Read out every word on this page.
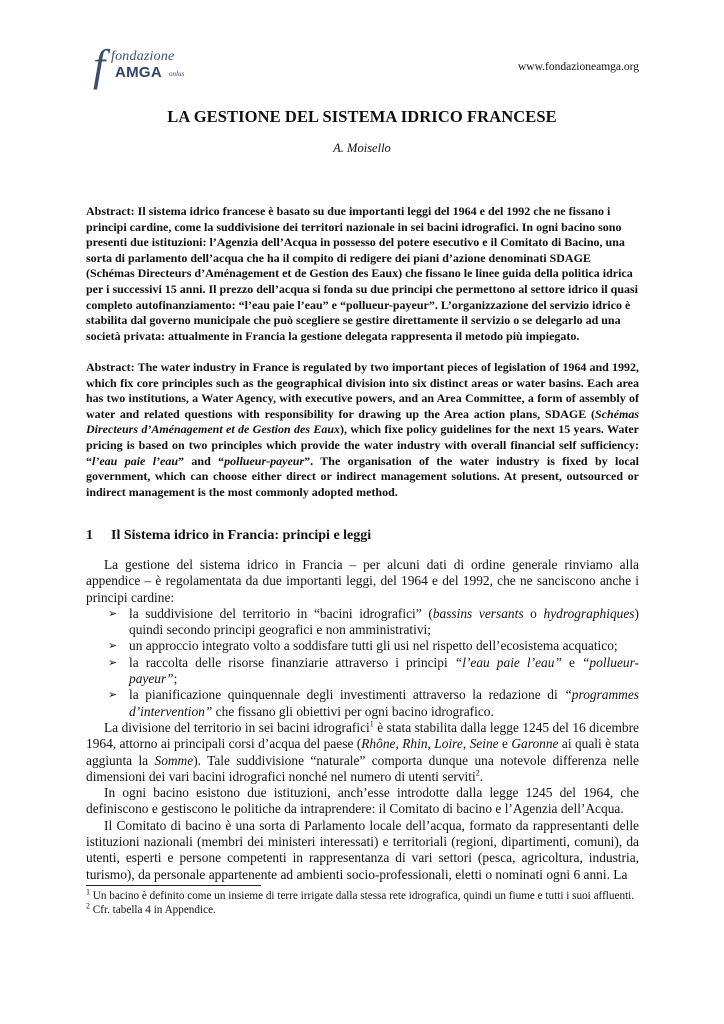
f fondazione
AMGA onlus
www.fondazioneamga.org
LA GESTIONE DEL SISTEMA IDRICO FRANCESE
A. Moisello
Abstract: Il sistema idrico francese è basato su due importanti leggi del 1964 e del 1992 che ne fissano i principi cardine, come la suddivisione dei territori nazionale in sei bacini idrografici. In ogni bacino sono presenti due istituzioni: l’Agenzia dell’Acqua in possesso del potere esecutivo e il Comitato di Bacino, una sorta di parlamento dell’acqua che ha il compito di redigere dei piani d’azione denominati SDAGE (Schémas Directeurs d’Aménagement et de Gestion des Eaux) che fissano le linee guida della politica idrica per i successivi 15 anni. Il prezzo dell’acqua si fonda su due principi che permettono al settore idrico il quasi completo autofinanziamento: “l’eau paie l’eau” e “pollueur-payeur”. L’organizzazione del servizio idrico è stabilita dal governo municipale che può scegliere se gestire direttamente il servizio o se delegarlo ad una società privata: attualmente in Francia la gestione delegata rappresenta il metodo più impiegato.
Abstract: The water industry in France is regulated by two important pieces of legislation of 1964 and 1992, which fix core principles such as the geographical division into six distinct areas or water basins. Each area has two institutions, a Water Agency, with executive powers, and an Area Committee, a form of assembly of water and related questions with responsibility for drawing up the Area action plans, SDAGE (Schémas Directeurs d’Aménagement et de Gestion des Eaux), which fixe policy guidelines for the next 15 years. Water pricing is based on two principles which provide the water industry with overall financial self sufficiency: “l’eau paie l’eau” and “pollueur-payeur”. The organisation of the water industry is fixed by local government, which can choose either direct or indirect management solutions. At present, outsourced or indirect management is the most commonly adopted method.
1 Il Sistema idrico in Francia: principi e leggi

La gestione del sistema idrico in Francia – per alcuni dati di ordine generale rinviamo alla appendice – è regolamentata da due importanti leggi, del 1964 e del 1992, che ne sanciscono anche i principi cardine:

➢ la suddivisione del territorio in “bacini idrografici” (bassins versants o hydrographiques) quindi secondo principi geografici e non amministrativi;
➢ un approccio integrato volto a soddisfare tutti gli usi nel rispetto dell’ecosistema acquatico;
➢ la raccolta delle risorse finanziarie attraverso i principi “l’eau paie l’eau” e “pollueur-payeur”;
➢ la pianificazione quinquennale degli investimenti attraverso la redazione di “programmes d’intervention” che fissano gli obiettivi per ogni bacino idrografico.

La divisione del territorio in sei bacini idrografici$^1$ è stata stabilita dalla legge 1245 del 16 dicembre 1964, attorno ai principali corsi d’acqua del paese (Rhône, Rhin, Loire, Seine e Garonne ai quali è stata aggiunta la Somme). Tale suddivisione “naturale” comporta dunque una notevole differenza nelle dimensioni dei vari bacini idrografici nonché nel numero di utenti serviti$^2$.

In ogni bacino esistono due istituzioni, anch’esse introdotte dalla legge 1245 del 1964, che definiscono e gestiscono le politiche da intraprendere: il Comitato di bacino e l’Agenzia dell’Acqua.

Il Comitato di bacino è una sorta di Parlamento locale dell’acqua, formato da rappresentanti delle istituzioni nazionali (membri dei ministeri interessati) e territoriali (regioni, dipartimenti, comuni), da utenti, esperti e persone competenti in rappresentanza di vari settori (pesca, agricoltura, industria, turismo), da personale appartenente ad ambienti socio-professionali, eletti o nominati ogni 6 anni. La

$^1$ Un bacino è definito come un insieme di terre irrigate dalla stessa rete idrografica, quindi un fiume e tutti i suoi affluenti.
$^2$ Cfr. tabella 4 in Appendice.
